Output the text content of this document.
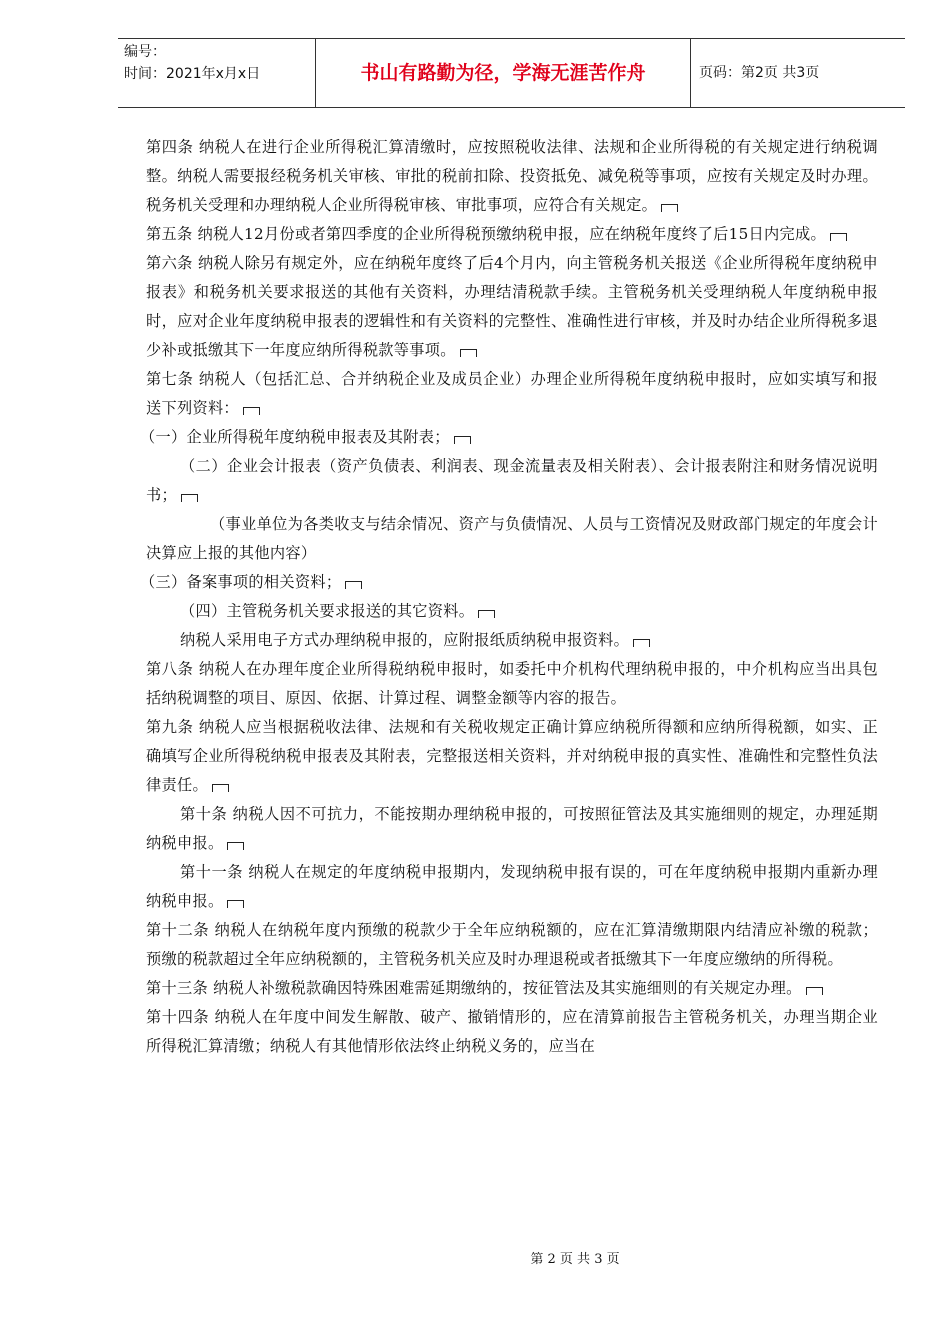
编号：
时间：2021年x月x日	书山有路勤为径，学海无涯苦作舟	页码：第2页 共3页

第四条 纳税人在进行企业所得税汇算清缴时，应按照税收法律、法规和企业所得税的有关规定进行纳税调整。纳税人需要报经税务机关审核、审批的税前扣除、投资抵免、减免税等事项，应按有关规定及时办理。税务机关受理和办理纳税人企业所得税审核、审批事项，应符合有关规定。

第五条 纳税人12月份或者第四季度的企业所得税预缴纳税申报，应在纳税年度终了后15日内完成。

第六条 纳税人除另有规定外，应在纳税年度终了后4个月内，向主管税务机关报送《企业所得税年度纳税申报表》和税务机关要求报送的其他有关资料，办理结清税款手续。主管税务机关受理纳税人年度纳税申报时，应对企业年度纳税申报表的逻辑性和有关资料的完整性、准确性进行审核，并及时办结企业所得税多退少补或抵缴其下一年度应纳所得税款等事项。

第七条 纳税人（包括汇总、合并纳税企业及成员企业）办理企业所得税年度纳税申报时，应如实填写和报送下列资料：

（一）企业所得税年度纳税申报表及其附表；

（二）企业会计报表（资产负债表、利润表、现金流量表及相关附表）、会计报表附注和财务情况说明书；

（事业单位为各类收支与结余情况、资产与负债情况、人员与工资情况及财政部门规定的年度会计决算应上报的其他内容）

（三）备案事项的相关资料；

（四）主管税务机关要求报送的其它资料。

纳税人采用电子方式办理纳税申报的，应附报纸质纳税申报资料。

第八条 纳税人在办理年度企业所得税纳税申报时，如委托中介机构代理纳税申报的，中介机构应当出具包括纳税调整的项目、原因、依据、计算过程、调整金额等内容的报告。

第九条 纳税人应当根据税收法律、法规和有关税收规定正确计算应纳税所得额和应纳所得税额，如实、正确填写企业所得税纳税申报表及其附表，完整报送相关资料，并对纳税申报的真实性、准确性和完整性负法律责任。

第十条 纳税人因不可抗力，不能按期办理纳税申报的，可按照征管法及其实施细则的规定，办理延期纳税申报。

第十一条 纳税人在规定的年度纳税申报期内，发现纳税申报有误的，可在年度纳税申报期内重新办理纳税申报。

第十二条 纳税人在纳税年度内预缴的税款少于全年应纳税额的，应在汇算清缴期限内结清应补缴的税款；预缴的税款超过全年应纳税额的，主管税务机关应及时办理退税或者抵缴其下一年度应缴纳的所得税。

第十三条 纳税人补缴税款确因特殊困难需延期缴纳的，按征管法及其实施细则的有关规定办理。

第十四条 纳税人在年度中间发生解散、破产、撤销情形的，应在清算前报告主管税务机关，办理当期企业所得税汇算清缴；纳税人有其他情形依法终止纳税义务的，应当在

第 2 页 共 3 页
